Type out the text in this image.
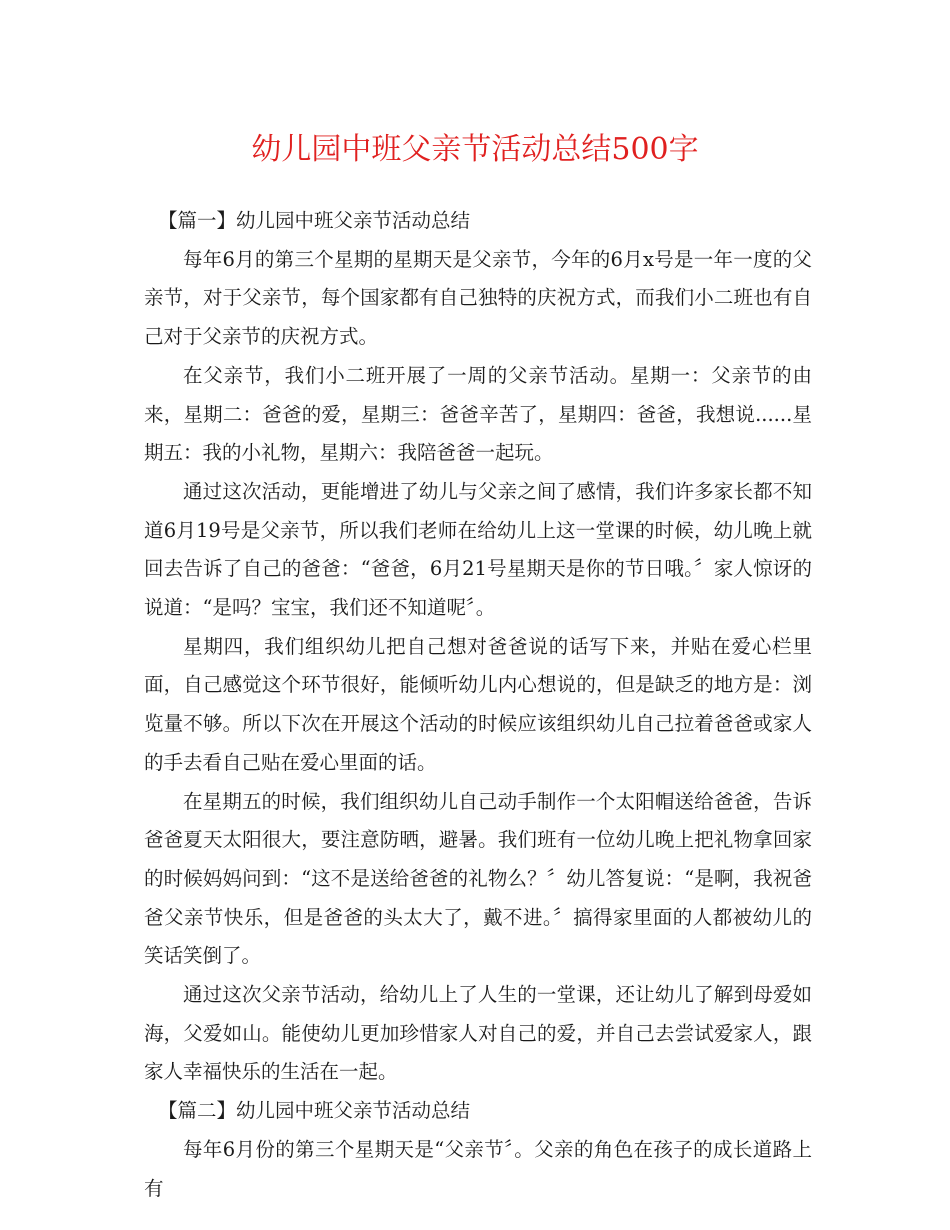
幼儿园中班父亲节活动总结500字

【篇一】幼儿园中班父亲节活动总结

每年6月的第三个星期的星期天是父亲节，今年的6月x号是一年一度的父亲节，对于父亲节，每个国家都有自己独特的庆祝方式，而我们小二班也有自己对于父亲节的庆祝方式。

在父亲节，我们小二班开展了一周的父亲节活动。星期一：父亲节的由来，星期二：爸爸的爱，星期三：爸爸辛苦了，星期四：爸爸，我想说......星期五：我的小礼物，星期六：我陪爸爸一起玩。

通过这次活动，更能增进了幼儿与父亲之间了感情，我们许多家长都不知道6月19号是父亲节，所以我们老师在给幼儿上这一堂课的时候，幼儿晚上就回去告诉了自己的爸爸：“爸爸，6月21号星期天是你的节日哦。〞家人惊讶的说道：“是吗？宝宝，我们还不知道呢〞。

星期四，我们组织幼儿把自己想对爸爸说的话写下来，并贴在爱心栏里面，自己感觉这个环节很好，能倾听幼儿内心想说的，但是缺乏的地方是：浏览量不够。所以下次在开展这个活动的时候应该组织幼儿自己拉着爸爸或家人的手去看自己贴在爱心里面的话。

在星期五的时候，我们组织幼儿自己动手制作一个太阳帽送给爸爸，告诉爸爸夏天太阳很大，要注意防晒，避暑。我们班有一位幼儿晚上把礼物拿回家的时候妈妈问到：“这不是送给爸爸的礼物么？〞幼儿答复说：“是啊，我祝爸爸父亲节快乐，但是爸爸的头太大了，戴不进。〞搞得家里面的人都被幼儿的笑话笑倒了。

通过这次父亲节活动，给幼儿上了人生的一堂课，还让幼儿了解到母爱如海，父爱如山。能使幼儿更加珍惜家人对自己的爱，并自己去尝试爱家人，跟家人幸福快乐的生活在一起。

【篇二】幼儿园中班父亲节活动总结

每年6月份的第三个星期天是“父亲节〞。父亲的角色在孩子的成长道路上有
